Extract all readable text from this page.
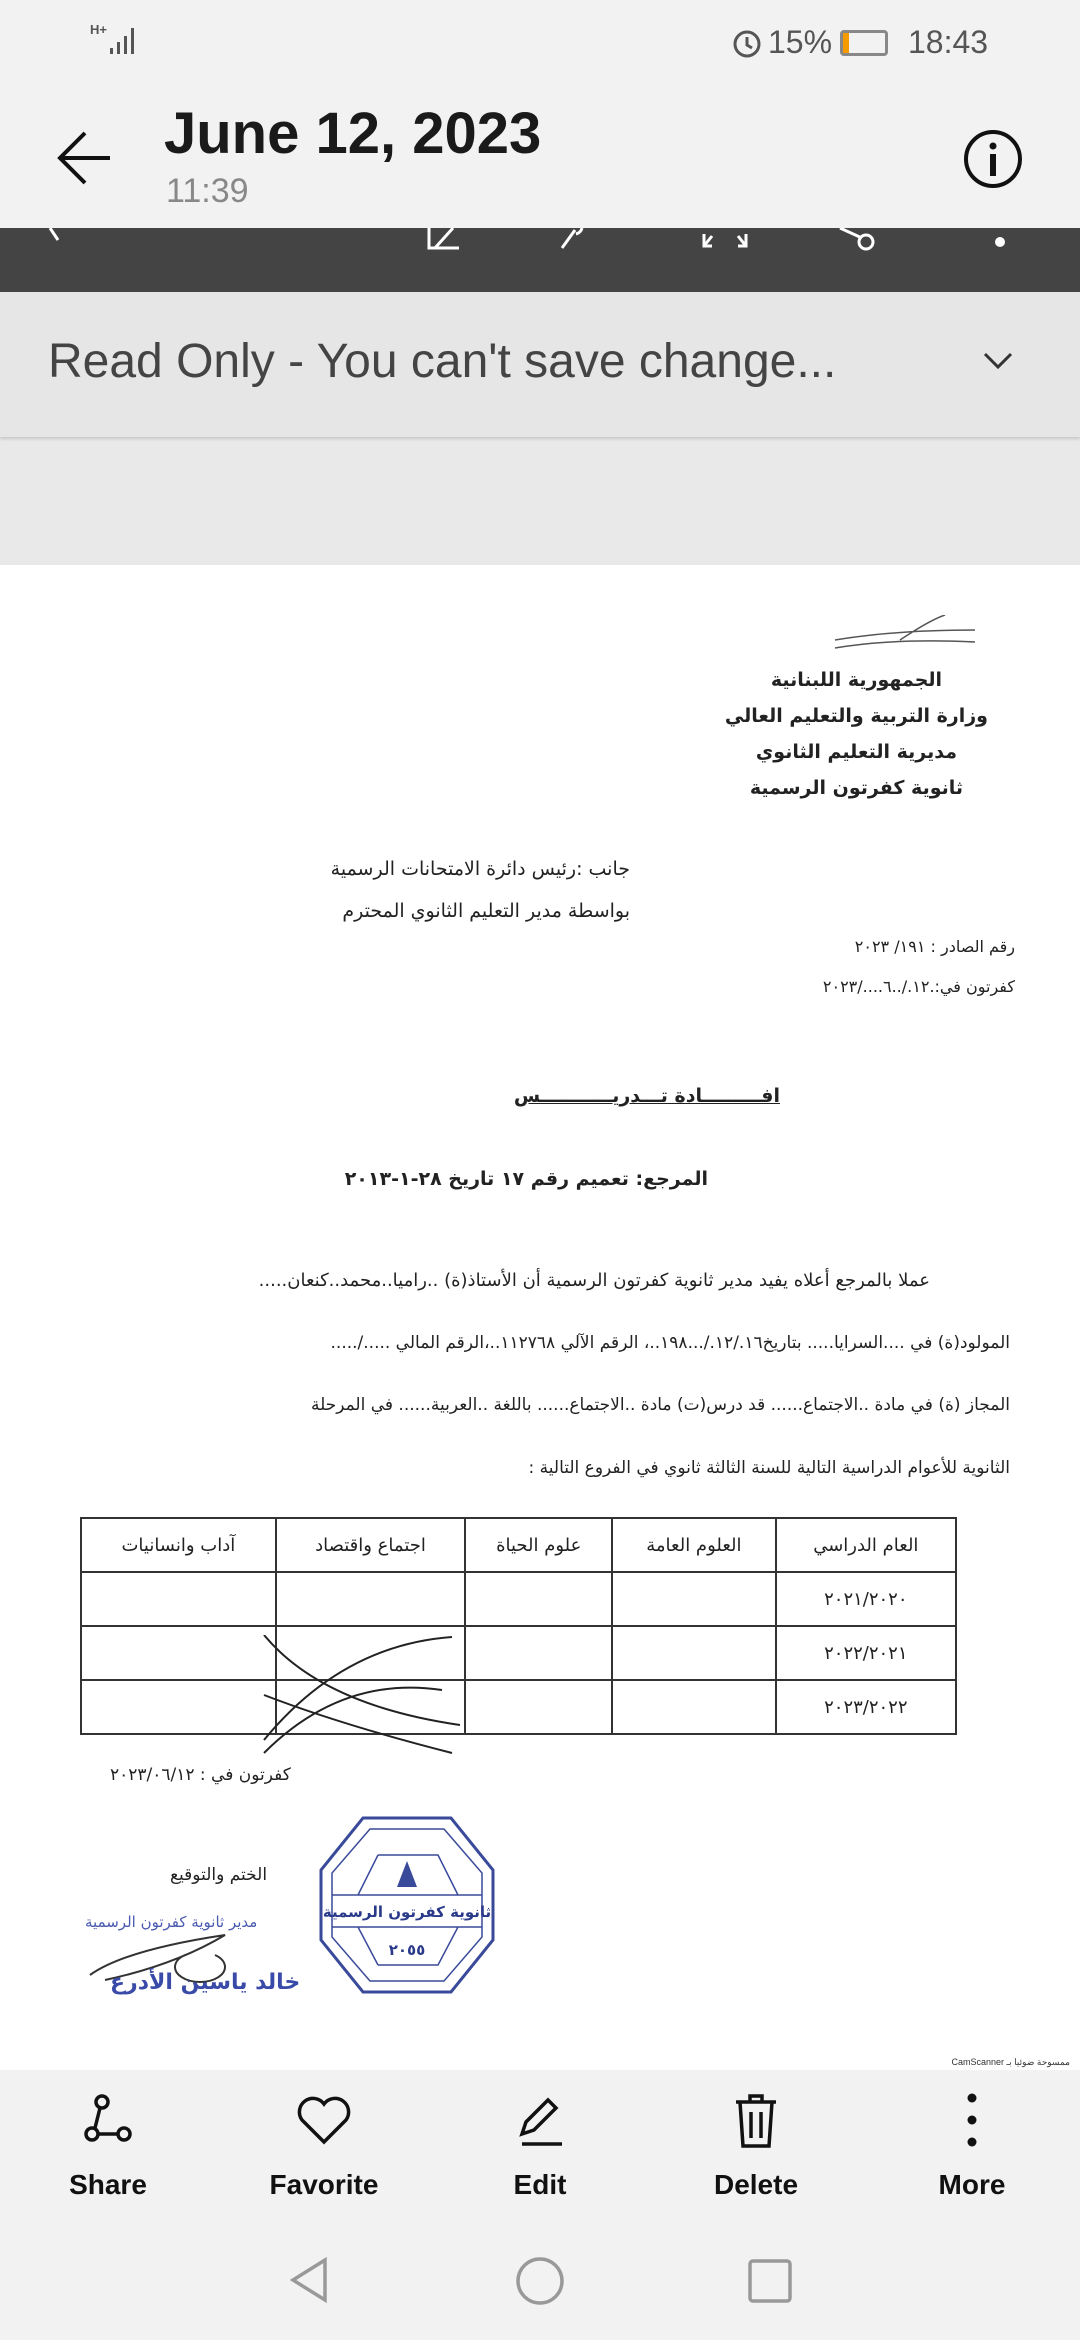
H+	15% 18:43
June 12, 2023
11:39
Read Only - You can't save change...
الجمهورية اللبنانية
وزارة التربية والتعليم العالي
مديرية التعليم الثانوي
ثانوية كفرتون الرسمية
جانب :رئيس دائرة الامتحانات الرسمية
بواسطة مدير التعليم الثانوي المحترم
رقم الصادر : ١٩١/ ٢٠٢٣
كفرتون في:.١٢./..٦..../٢٠٢٣
افـــــــــادة تـــدريـــــــــــس
المرجع: تعميم رقم ١٧ تاريخ ٢٨-١-٢٠١٣
عملا بالمرجع أعلاه يفيد مدير ثانوية كفرتون الرسمية أن الأستاذ(ة) ..راميا..محمد..كنعان.....
المولود(ة) في ....السرايا..... بتاريخ١٦./١٢./...١٩٨..، الرقم الآلي ١١٢٧٦٨..،الرقم المالي ...../.....
المجاز (ة) في مادة ..الاجتماع...... قد درس(ت) مادة ..الاجتماع...... باللغة ..العربية...... في المرحلة
الثانوية للأعوام الدراسية التالية للسنة الثالثة ثانوي في الفروع التالية :
آداب وانسانيات	اجتماع واقتصاد	علوم الحياة	العلوم العامة	العام الدراسي
				٢٠٢١/٢٠٢٠
				٢٠٢٢/٢٠٢١
				٢٠٢٣/٢٠٢٢
كفرتون في : ٢٠٢٣/٠٦/١٢
ثانوية كفرتون الرسمية
٢٠٥٥
الختم والتوقيع
مدير ثانوية كفرتون الرسمية
خالد ياسين الأدرع
CamScanner ممسوحة ضوئيا بـ
Share	Favorite	Edit	Delete	More
